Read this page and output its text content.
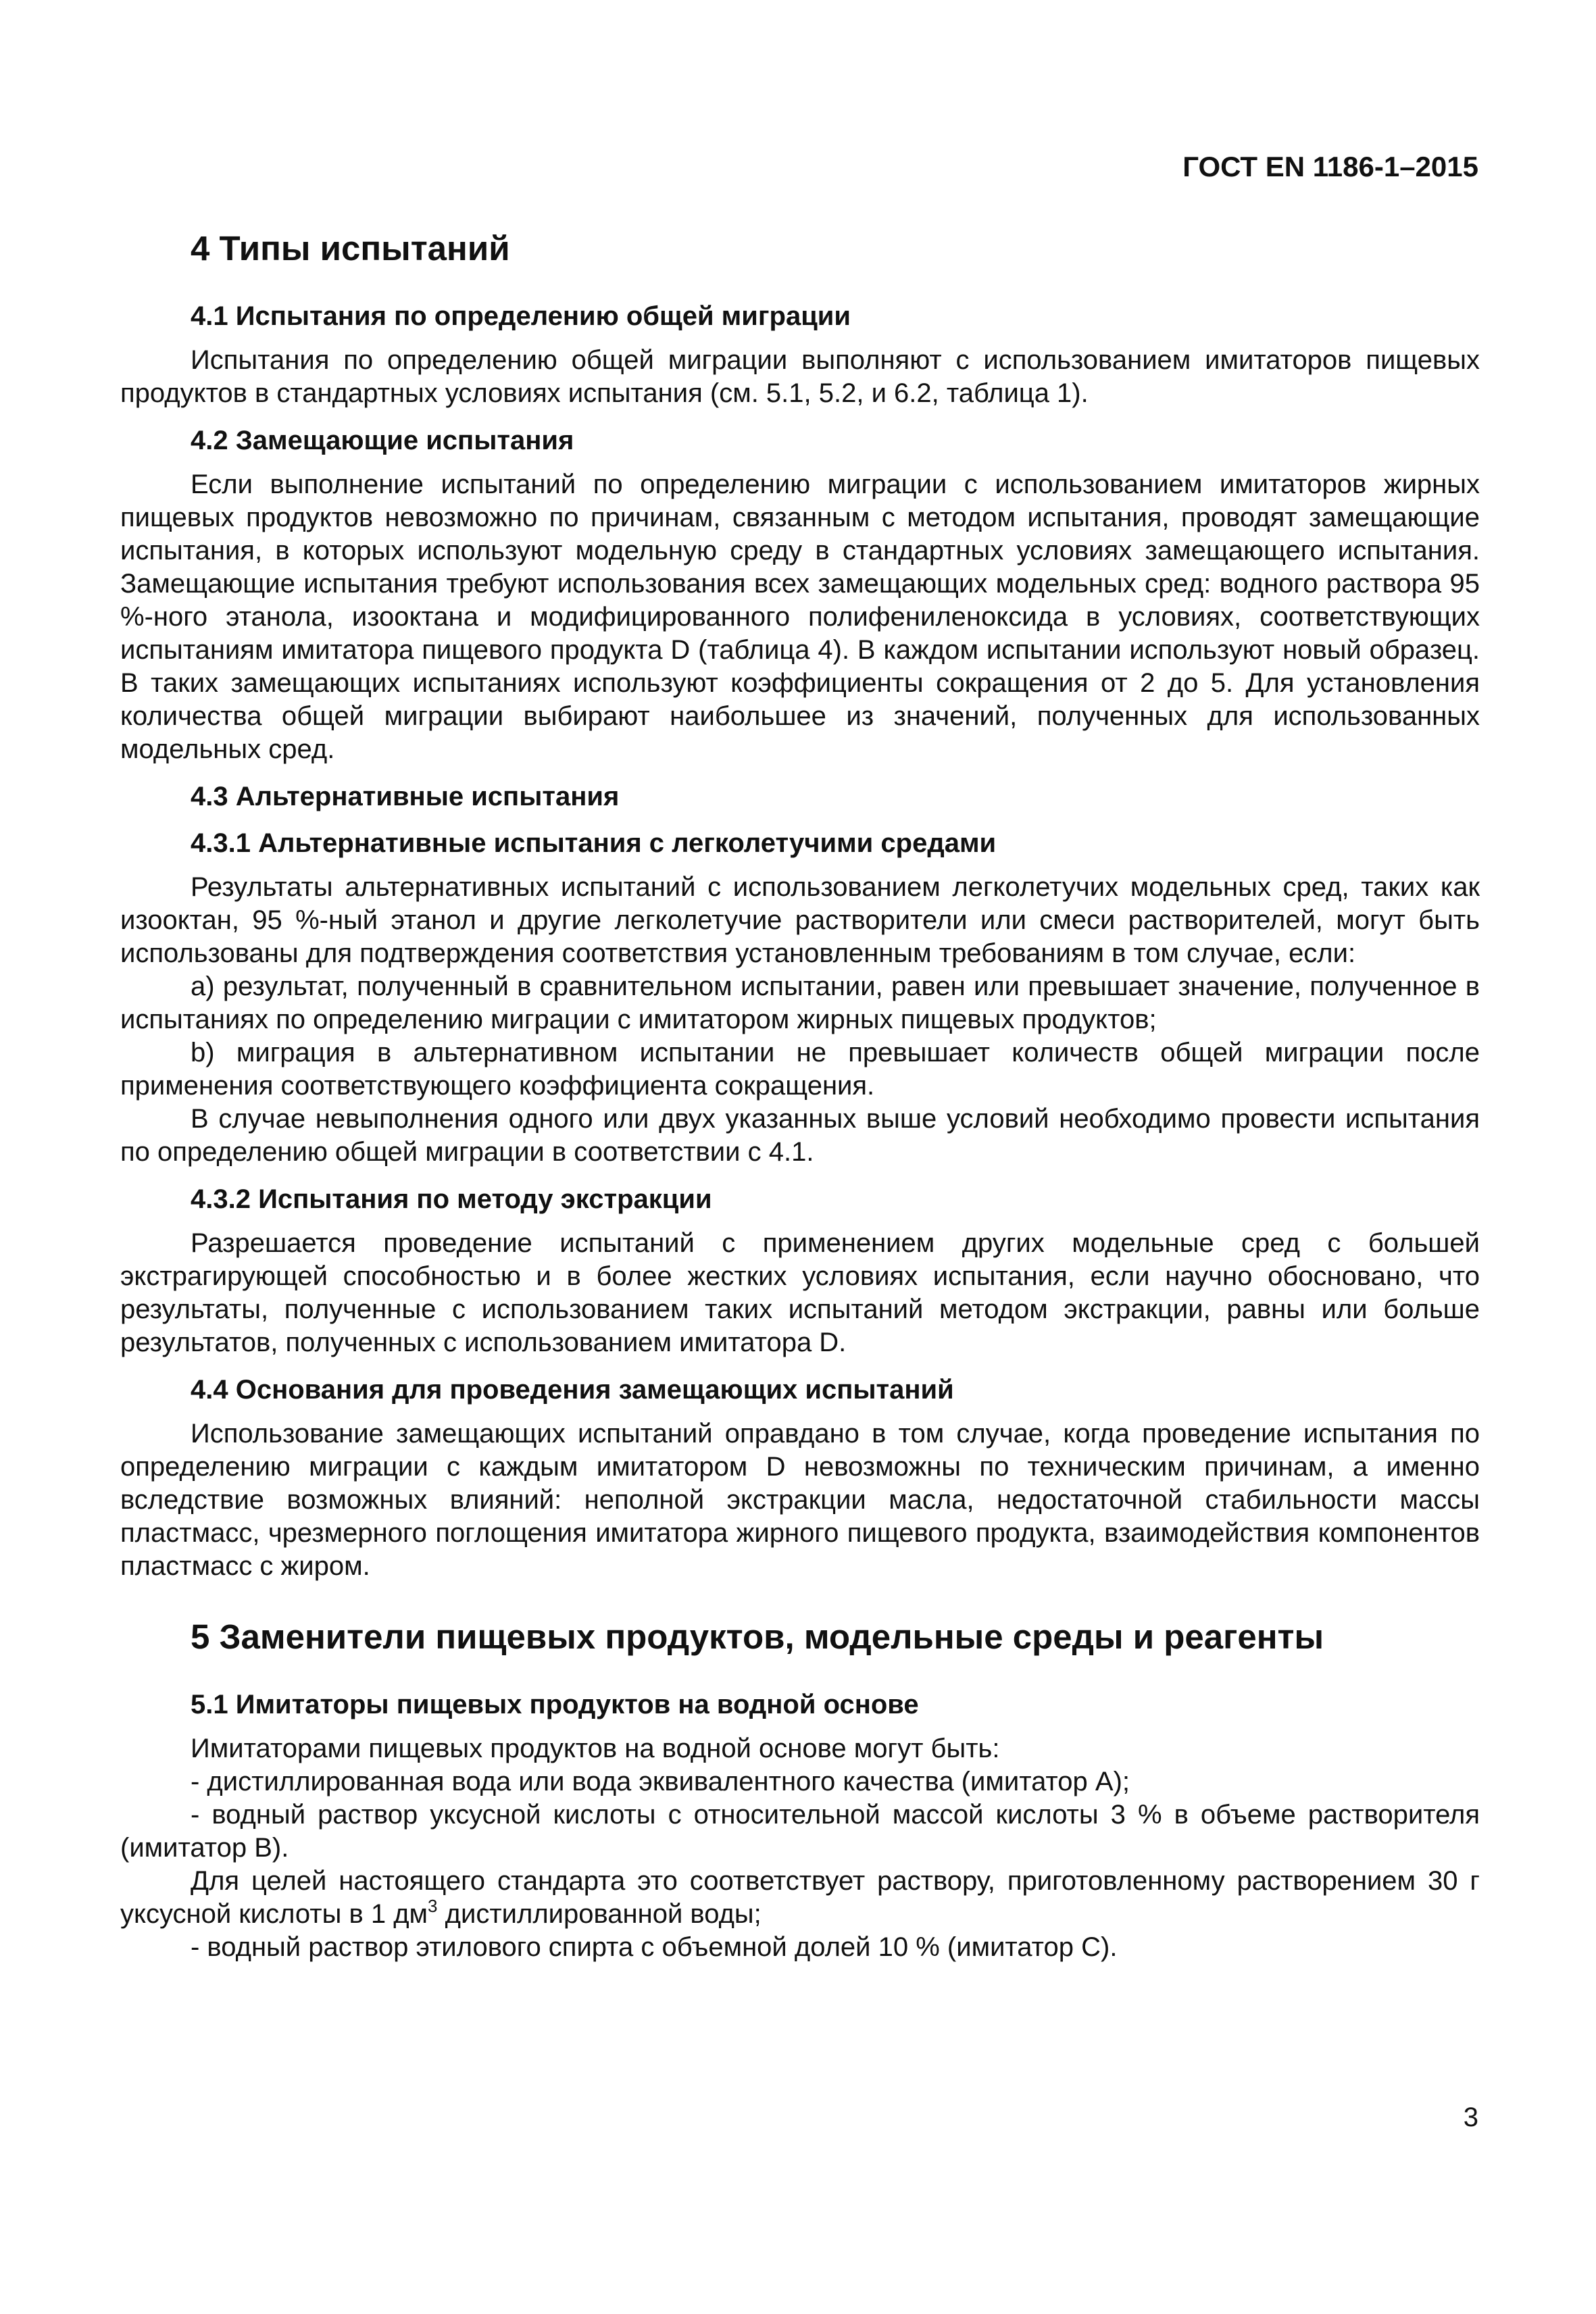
ГОСТ EN 1186-1–2015
4 Типы испытаний
4.1 Испытания по определению общей миграции

Испытания по определению общей миграции выполняют с использованием имитаторов пищевых продуктов в стандартных условиях испытания (см. 5.1, 5.2, и 6.2, таблица 1).

4.2 Замещающие испытания

Если выполнение испытаний по определению миграции с использованием имитаторов жирных пищевых продуктов невозможно по причинам, связанным с методом испытания, проводят замещающие испытания, в которых используют модельную среду в стандартных условиях замещающего испытания. Замещающие испытания требуют использования всех замещающих модельных сред: водного раствора 95 %-ного этанола, изооктана и модифицированного полифениленоксида в условиях, соответствующих испытаниям имитатора пищевого продукта D (таблица 4). В каждом испытании используют новый образец. В таких замещающих испытаниях используют коэффициенты сокращения от 2 до 5. Для установления количества общей миграции выбирают наибольшее из значений, полученных для использованных модельных сред.

4.3 Альтернативные испытания
4.3.1 Альтернативные испытания с легколетучими средами

Результаты альтернативных испытаний с использованием легколетучих модельных сред, таких как изооктан, 95 %-ный этанол и другие легколетучие растворители или смеси растворителей, могут быть использованы для подтверждения соответствия установленным требованиям в том случае, если:

а) результат, полученный в сравнительном испытании, равен или превышает значение, полученное в испытаниях по определению миграции с имитатором жирных пищевых продуктов;

b) миграция в альтернативном испытании не превышает количеств общей миграции после применения соответствующего коэффициента сокращения.

В случае невыполнения одного или двух указанных выше условий необходимо провести испытания по определению общей миграции в соответствии с 4.1.

4.3.2 Испытания по методу экстракции

Разрешается проведение испытаний с применением других модельные сред с большей экстрагирующей способностью и в более жестких условиях испытания, если научно обосновано, что результаты, полученные с использованием таких испытаний методом экстракции, равны или больше результатов, полученных с использованием имитатора D.

4.4 Основания для проведения замещающих испытаний

Использование замещающих испытаний оправдано в том случае, когда проведение испытания по определению миграции с каждым имитатором D невозможны по техническим причинам, а именно вследствие возможных влияний: неполной экстракции масла, недостаточной стабильности массы пластмасс, чрезмерного поглощения имитатора жирного пищевого продукта, взаимодействия компонентов пластмасс с жиром.

5 Заменители пищевых продуктов, модельные среды и реагенты
5.1 Имитаторы пищевых продуктов на водной основе

Имитаторами пищевых продуктов на водной основе могут быть:

- дистиллированная вода или вода эквивалентного качества (имитатор А);

- водный раствор уксусной кислоты с относительной массой кислоты 3 % в объеме растворителя (имитатор В).

Для целей настоящего стандарта это соответствует раствору, приготовленному растворением 30 г уксусной кислоты в 1 $дм^3$ дистиллированной воды;

- водный раствор этилового спирта с объемной долей 10 % (имитатор С).

3
